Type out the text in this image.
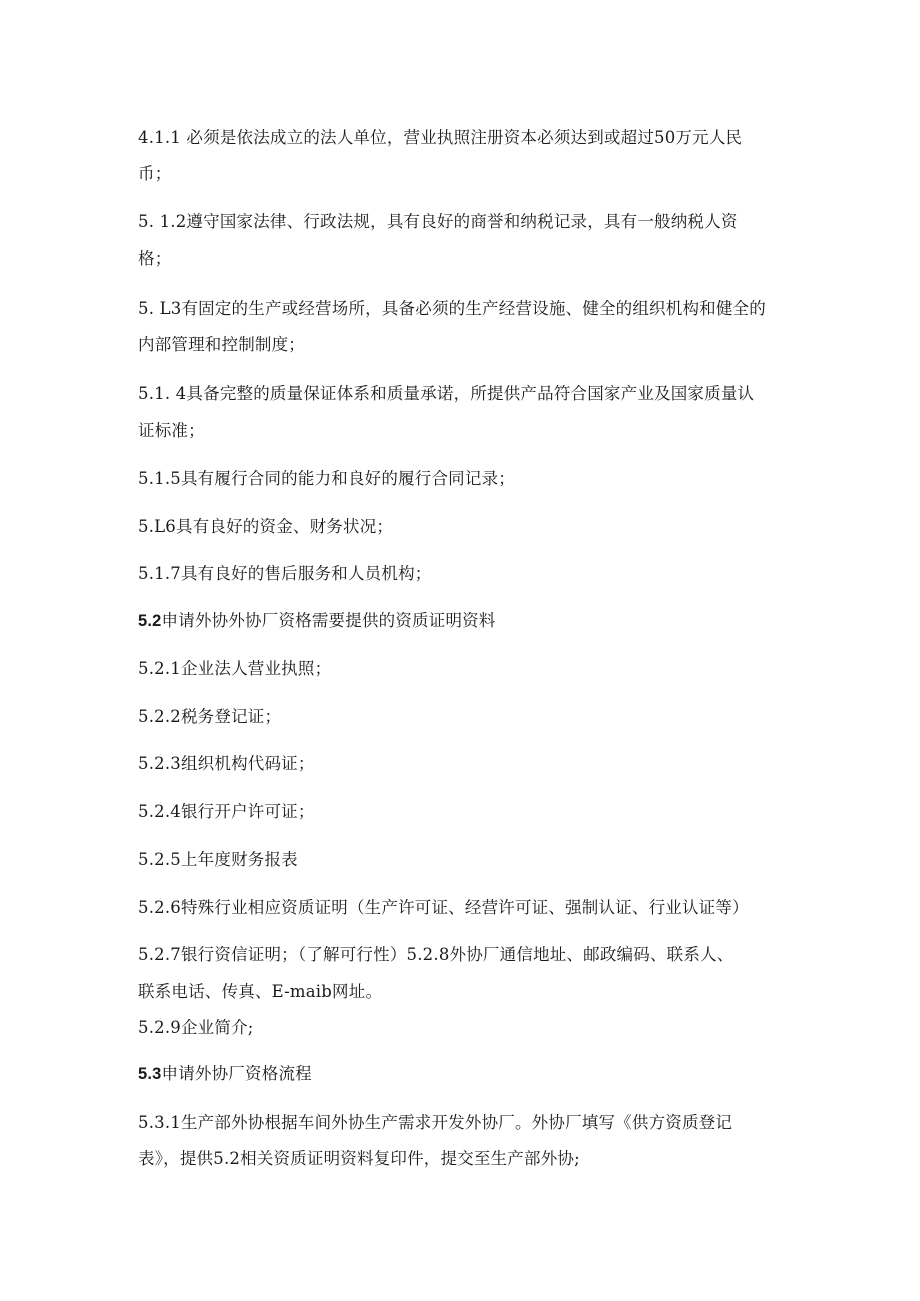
4.1.1 必须是依法成立的法人单位，营业执照注册资本必须达到或超过50万元人民
币；
5. 1.2遵守国家法律、行政法规，具有良好的商誉和纳税记录，具有一般纳税人资
格；
5. L3有固定的生产或经营场所，具备必须的生产经营设施、健全的组织机构和健全的
内部管理和控制制度；
5.1. 4具备完整的质量保证体系和质量承诺，所提供产品符合国家产业及国家质量认
证标准；
5.1.5具有履行合同的能力和良好的履行合同记录；
5.L6具有良好的资金、财务状况；
5.1.7具有良好的售后服务和人员机构；
5.2申请外协外协厂资格需要提供的资质证明资料
5.2.1企业法人营业执照；
5.2.2税务登记证；
5.2.3组织机构代码证；
5.2.4银行开户许可证；
5.2.5上年度财务报表
5.2.6特殊行业相应资质证明（生产许可证、经营许可证、强制认证、行业认证等）
5.2.7银行资信证明；（了解可行性）5.2.8外协厂通信地址、邮政编码、联系人、
联系电话、传真、E-maib网址。
5.2.9企业简介;
5.3申请外协厂资格流程
5.3.1生产部外协根据车间外协生产需求开发外协厂。外协厂填写《供方资质登记
表》，提供5.2相关资质证明资料复印件，提交至生产部外协;
